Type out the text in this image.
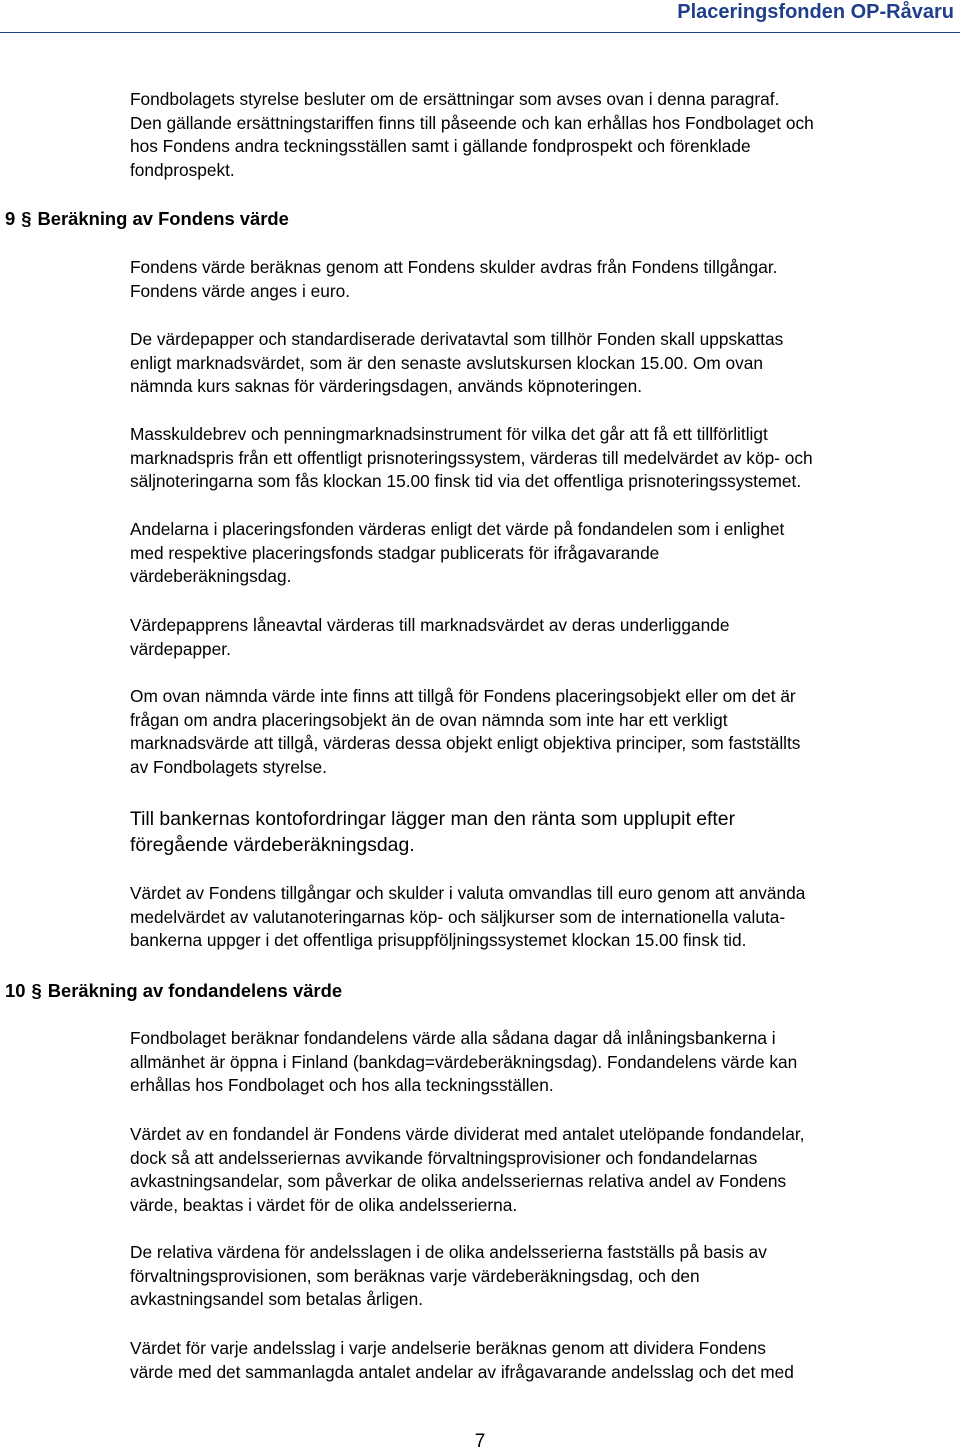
Placeringsfonden OP-Råvaru

Fondbolagets styrelse besluter om de ersättningar som avses ovan i denna paragraf.
Den gällande ersättningstariffen finns till påseende och kan erhållas hos Fondbolaget och
hos Fondens andra teckningsställen samt i gällande fondprospekt och förenklade
fondprospekt.

9 § Beräkning av Fondens värde

Fondens värde beräknas genom att Fondens skulder avdras från Fondens tillgångar.
Fondens värde anges i euro.

De värdepapper och standardiserade derivatavtal som tillhör Fonden skall uppskattas
enligt marknadsvärdet, som är den senaste avslutskursen klockan 15.00. Om ovan
nämnda kurs saknas för värderingsdagen, används köpnoteringen.

Masskuldebrev och penningmarknadsinstrument för vilka det går att få ett tillförlitligt
marknadspris från ett offentligt prisnoteringssystem, värderas till medelvärdet av köp- och
säljnoteringarna som fås klockan 15.00 finsk tid via det offentliga prisnoteringssystemet.

Andelarna i placeringsfonden värderas enligt det värde på fondandelen som i enlighet
med respektive placeringsfonds stadgar publicerats för ifrågavarande
värdeberäkningsdag.

Värdepapprens låneavtal värderas till marknadsvärdet av deras underliggande
värdepapper.

Om ovan nämnda värde inte finns att tillgå för Fondens placeringsobjekt eller om det är
frågan om andra placeringsobjekt än de ovan nämnda som inte har ett verkligt
marknadsvärde att tillgå, värderas dessa objekt enligt objektiva principer, som fastställts
av Fondbolagets styrelse.

Till bankernas kontofordringar lägger man den ränta som upplupit efter
föregående värdeberäkningsdag.

Värdet av Fondens tillgångar och skulder i valuta omvandlas till euro genom att använda
medelvärdet av valutanoteringarnas köp- och säljkurser som de internationella valuta-
bankerna uppger i det offentliga prisuppföljningssystemet klockan 15.00 finsk tid.

10 § Beräkning av fondandelens värde

Fondbolaget beräknar fondandelens värde alla sådana dagar då inlåningsbankerna i
allmänhet är öppna i Finland (bankdag=värdeberäkningsdag). Fondandelens värde kan
erhållas hos Fondbolaget och hos alla teckningsställen.

Värdet av en fondandel är Fondens värde dividerat med antalet utelöpande fondandelar,
dock så att andelsseriernas avvikande förvaltningsprovisioner och fondandelarnas
avkastningsandelar, som påverkar de olika andelsseriernas relativa andel av Fondens
värde, beaktas i värdet för de olika andelsserierna.

De relativa värdena för andelsslagen i de olika andelsserierna fastställs på basis av
förvaltningsprovisionen, som beräknas varje värdeberäkningsdag, och den
avkastningsandel som betalas årligen.

Värdet för varje andelsslag i varje andelserie beräknas genom att dividera Fondens
värde med det sammanlagda antalet andelar av ifrågavarande andelsslag och det med

7
